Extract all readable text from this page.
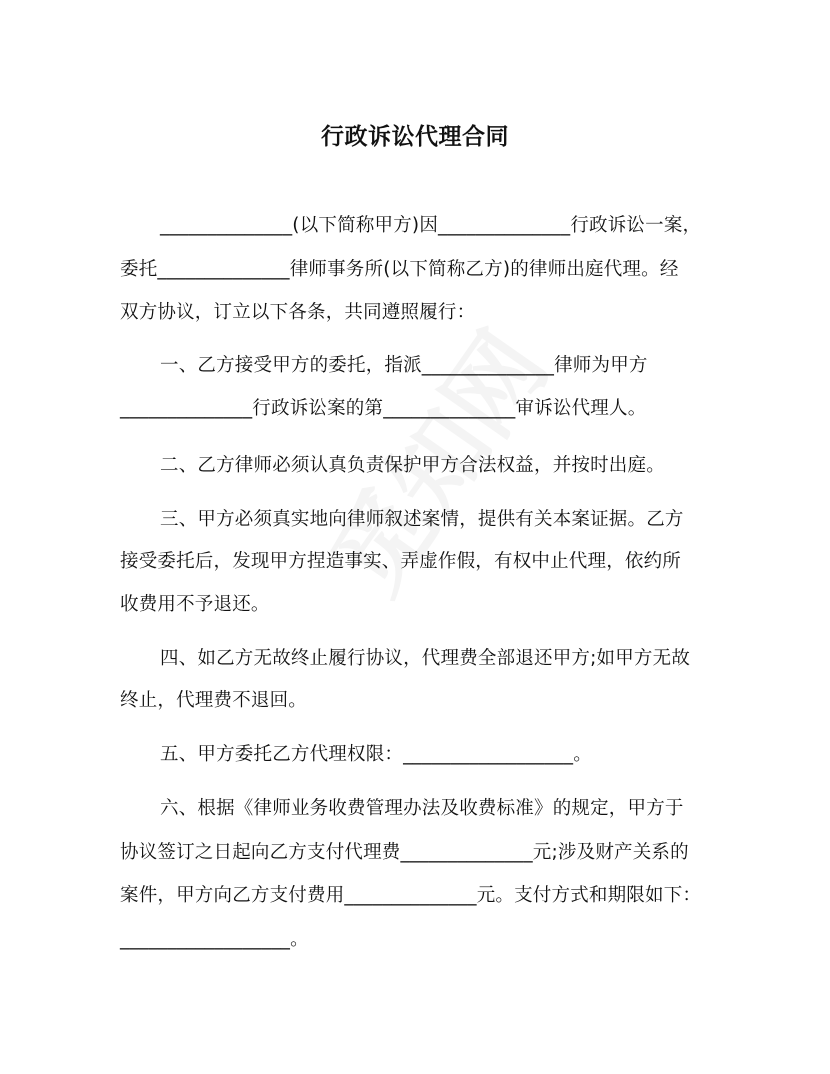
行政诉讼代理合同
______________(以下简称甲方)因______________行政诉讼一案，
委托______________律师事务所(以下简称乙方)的律师出庭代理。经
双方协议，订立以下各条，共同遵照履行：
一、乙方接受甲方的委托，指派______________律师为甲方
______________行政诉讼案的第______________审诉讼代理人。
二、乙方律师必须认真负责保护甲方合法权益，并按时出庭。
三、甲方必须真实地向律师叙述案情，提供有关本案证据。乙方
接受委托后，发现甲方捏造事实、弄虚作假，有权中止代理，依约所
收费用不予退还。
四、如乙方无故终止履行协议，代理费全部退还甲方;如甲方无故
终止，代理费不退回。
五、甲方委托乙方代理权限：__________________。
六、根据《律师业务收费管理办法及收费标准》的规定，甲方于
协议签订之日起向乙方支付代理费______________元;涉及财产关系的
案件，甲方向乙方支付费用______________元。支付方式和期限如下：
__________________。
